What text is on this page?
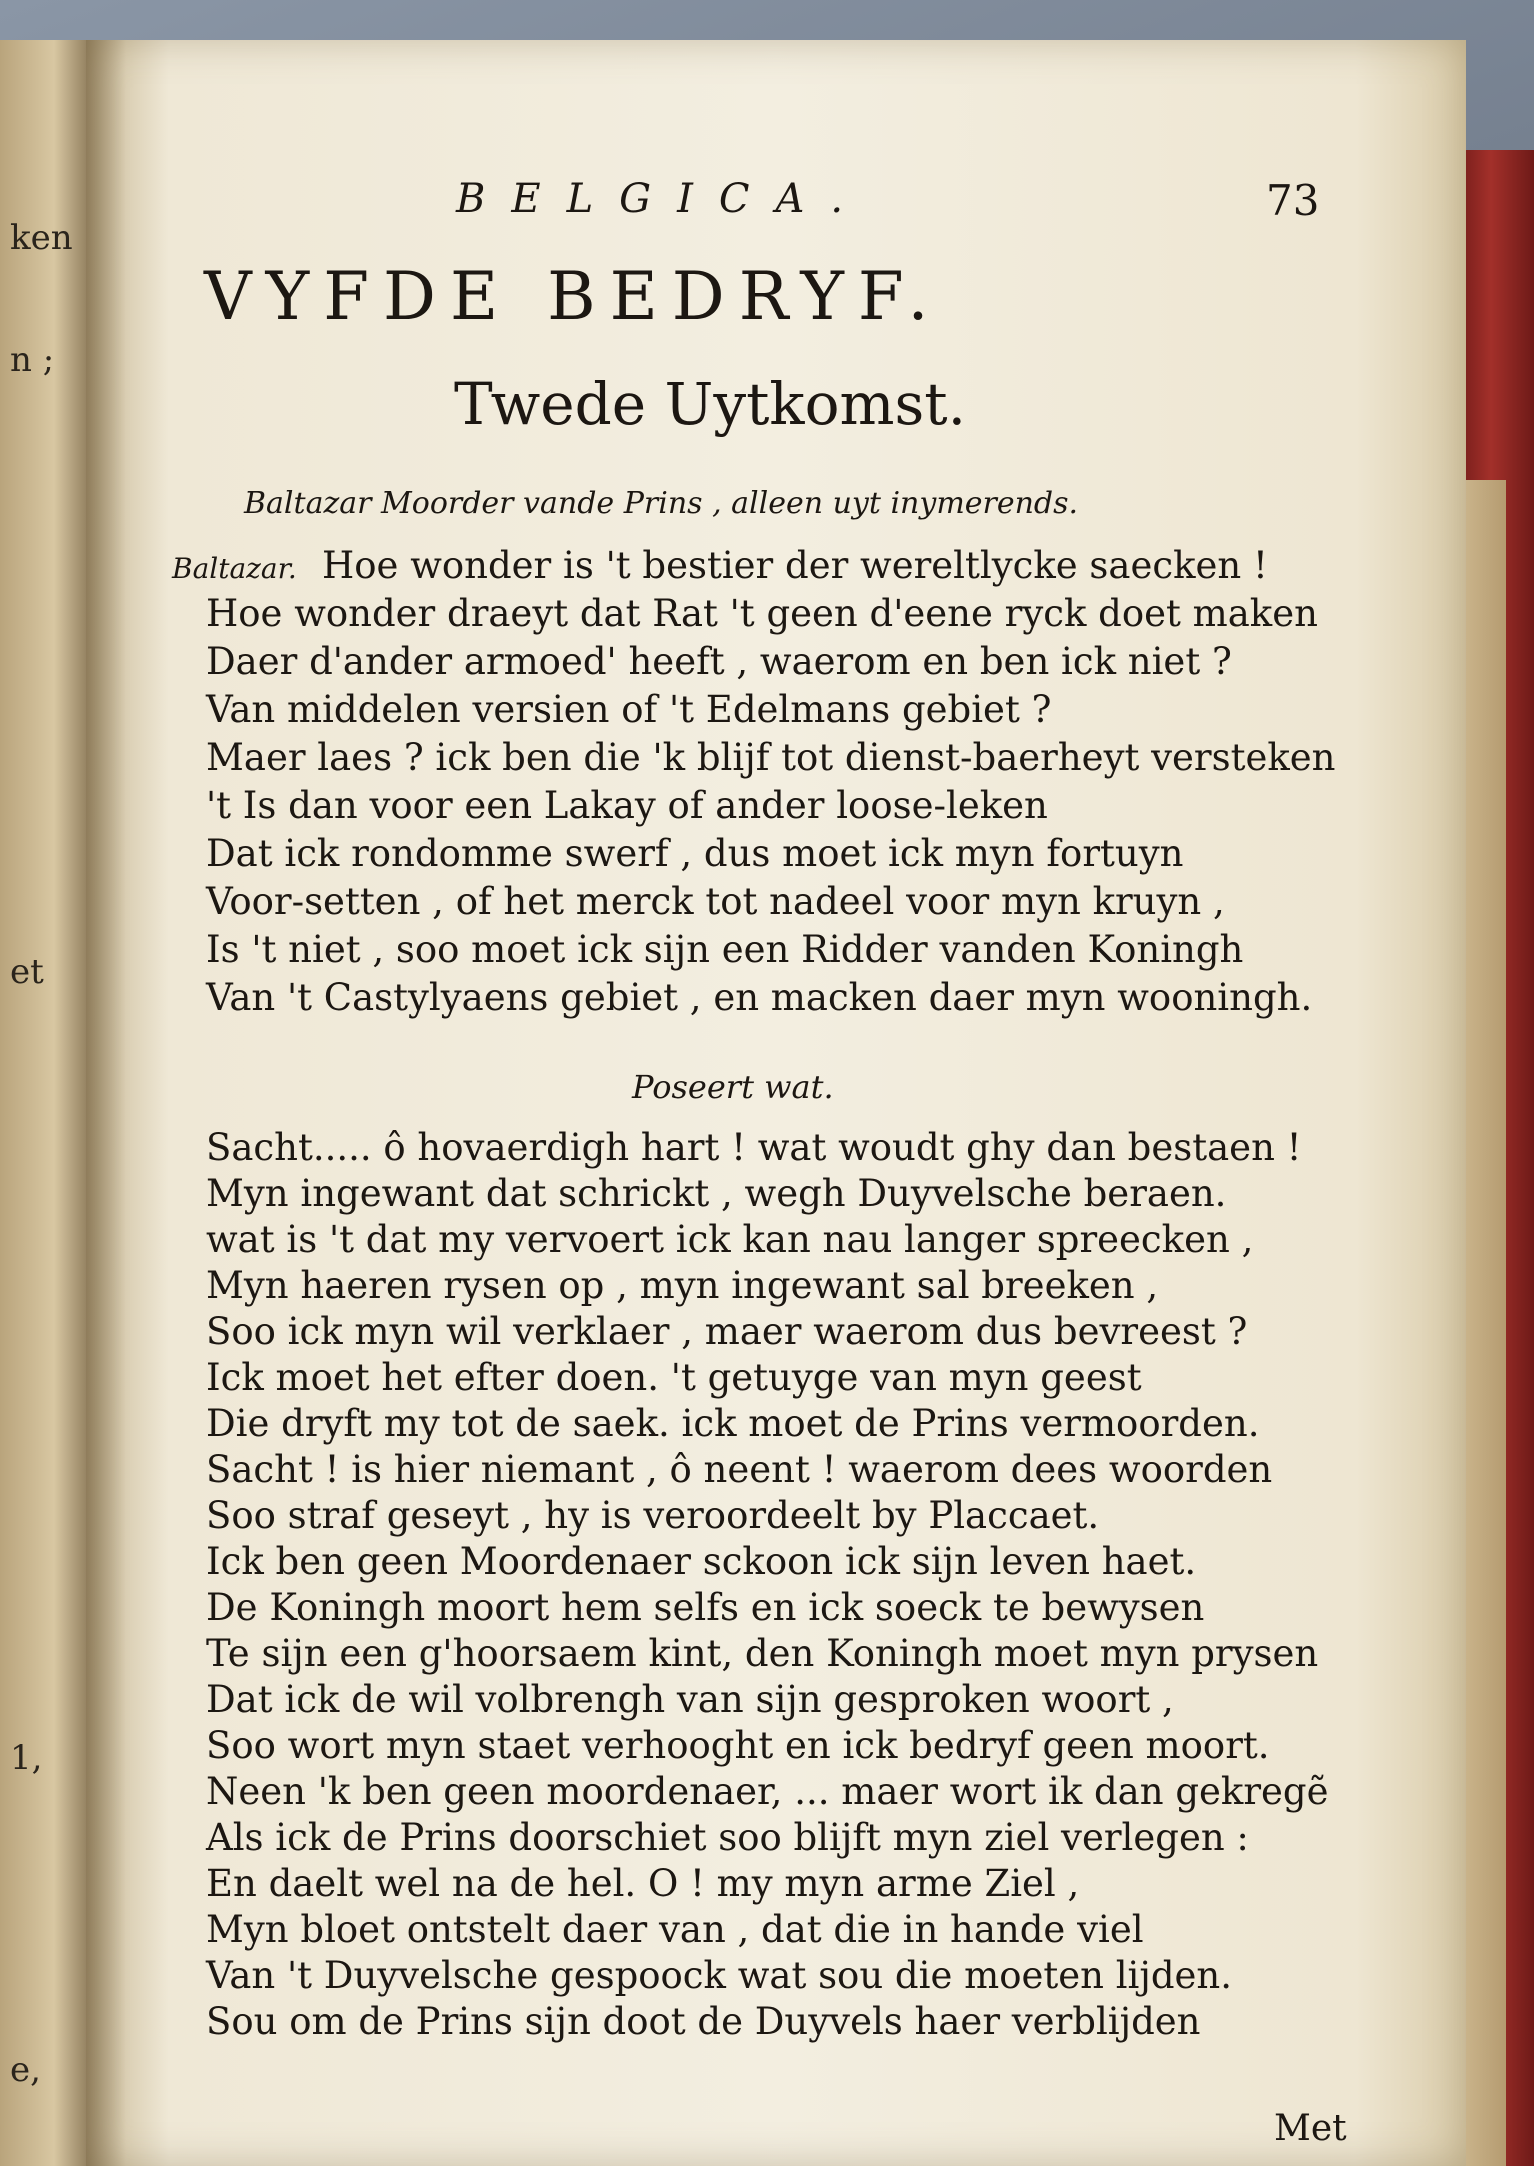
ken
n ;
et
1,
e,
BELGICA.	73
VYFDE BEDRYF.
Twede Uytkomst.
Baltazar Moorder vande Prins , alleen uyt inymerends.
Baltazar. Hoe wonder is 't bestier der wereltlycke saecken !
Hoe wonder draeyt dat Rat 't geen d'eene ryck doet maken
Daer d'ander armoed' heeft , waerom en ben ick niet ?
Van middelen versien of 't Edelmans gebiet ?
Maer laes ? ick ben die 'k blijf tot dienst-baerheyt versteken
't Is dan voor een Lakay of ander loose-leken
Dat ick rondomme swerf , dus moet ick myn fortuyn
Voor-setten , of het merck tot nadeel voor myn kruyn ,
Is 't niet , soo moet ick sijn een Ridder vanden Koningh
Van 't Castylyaens gebiet , en macken daer myn wooningh.
Poseert wat.
Sacht..... ô hovaerdigh hart ! wat woudt ghy dan bestaen !
Myn ingewant dat schrickt , wegh Duyvelsche beraen.
wat is 't dat my vervoert ick kan nau langer spreecken ,
Myn haeren rysen op , myn ingewant sal breeken ,
Soo ick myn wil verklaer , maer waerom dus bevreest ?
Ick moet het efter doen. 't getuyge van myn geest
Die dryft my tot de saek. ick moet de Prins vermoorden.
Sacht ! is hier niemant , ô neent ! waerom dees woorden
Soo straf geseyt , hy is veroordeelt by Placcaet.
Ick ben geen Moordenaer sckoon ick sijn leven haet.
De Koningh moort hem selfs en ick soeck te bewysen
Te sijn een g'hoorsaem kint, den Koningh moet myn prysen
Dat ick de wil volbrengh van sijn gesproken woort ,
Soo wort myn staet verhooght en ick bedryf geen moort.
Neen 'k ben geen moordenaer, ... maer wort ik dan gekregẽ
Als ick de Prins doorschiet soo blijft myn ziel verlegen :
En daelt wel na de hel. O ! my myn arme Ziel ,
Myn bloet ontstelt daer van , dat die in hande viel
Van 't Duyvelsche gespoock wat sou die moeten lijden.
Sou om de Prins sijn doot de Duyvels haer verblijden
Met
